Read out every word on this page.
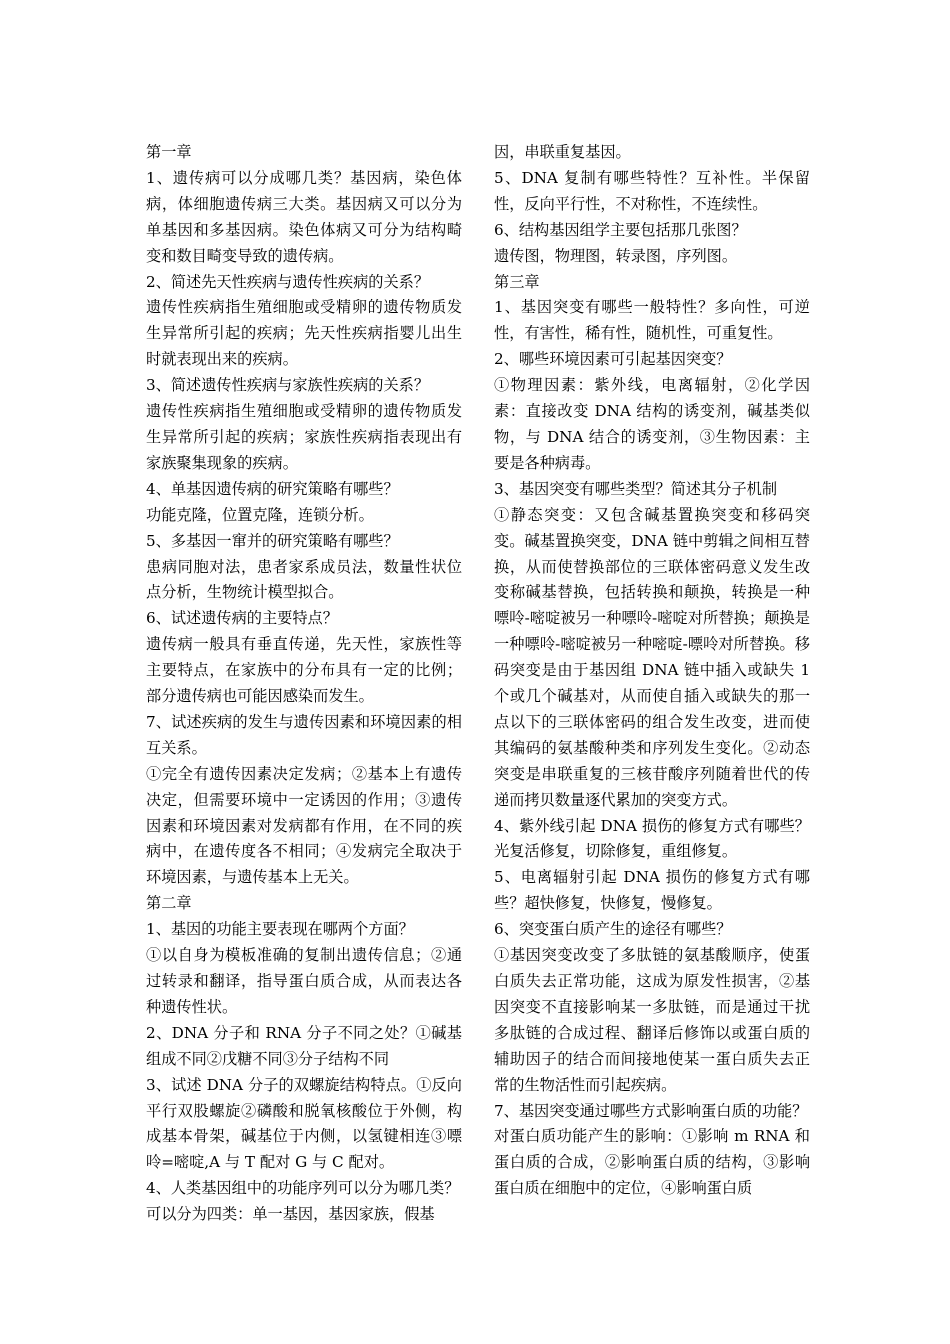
第一章
1、遗传病可以分成哪几类？基因病，染色体病，体细胞遗传病三大类。基因病又可以分为单基因和多基因病。染色体病又可分为结构畸变和数目畸变导致的遗传病。
2、简述先天性疾病与遗传性疾病的关系？
遗传性疾病指生殖细胞或受精卵的遗传物质发生异常所引起的疾病；先天性疾病指婴儿出生时就表现出来的疾病。
3、简述遗传性疾病与家族性疾病的关系？
遗传性疾病指生殖细胞或受精卵的遗传物质发生异常所引起的疾病；家族性疾病指表现出有家族聚集现象的疾病。
4、单基因遗传病的研究策略有哪些？
功能克隆，位置克隆，连锁分析。
5、多基因一窜并的研究策略有哪些？
患病同胞对法，患者家系成员法，数量性状位点分析，生物统计模型拟合。
6、试述遗传病的主要特点？
遗传病一般具有垂直传递，先天性，家族性等主要特点，在家族中的分布具有一定的比例；部分遗传病也可能因感染而发生。
7、试述疾病的发生与遗传因素和环境因素的相互关系。
①完全有遗传因素决定发病；②基本上有遗传决定，但需要环境中一定诱因的作用；③遗传因素和环境因素对发病都有作用，在不同的疾病中，在遗传度各不相同；④发病完全取决于环境因素，与遗传基本上无关。
第二章
1、基因的功能主要表现在哪两个方面？
①以自身为模板准确的复制出遗传信息；②通过转录和翻译，指导蛋白质合成，从而表达各种遗传性状。
2、DNA 分子和 RNA 分子不同之处？①碱基组成不同②戊糖不同③分子结构不同
3、试述 DNA 分子的双螺旋结构特点。①反向平行双股螺旋②磷酸和脱氧核酸位于外侧，构成基本骨架，碱基位于内侧，以氢键相连③嘌呤=嘧啶,A 与 T 配对 G 与 C 配对。
4、人类基因组中的功能序列可以分为哪几类？
可以分为四类：单一基因，基因家族，假基
因，串联重复基因。
5、DNA 复制有哪些特性？互补性。半保留性，反向平行性，不对称性，不连续性。
6、结构基因组学主要包括那几张图？
遗传图，物理图，转录图，序列图。
第三章
1、基因突变有哪些一般特性？多向性，可逆性，有害性，稀有性，随机性，可重复性。
2、哪些环境因素可引起基因突变？
①物理因素：紫外线，电离辐射，②化学因素：直接改变 DNA 结构的诱变剂，碱基类似物，与 DNA 结合的诱变剂，③生物因素：主要是各种病毒。
3、基因突变有哪些类型？简述其分子机制
①静态突变：又包含碱基置换突变和移码突变。碱基置换突变，DNA 链中剪辑之间相互替换，从而使替换部位的三联体密码意义发生改变称碱基替换，包括转换和颠换，转换是一种嘌呤-嘧啶被另一种嘌呤-嘧啶对所替换；颠换是一种嘌呤-嘧啶被另一种嘧啶-嘌呤对所替换。移码突变是由于基因组 DNA 链中插入或缺失 1 个或几个碱基对，从而使自插入或缺失的那一点以下的三联体密码的组合发生改变，进而使其编码的氨基酸种类和序列发生变化。②动态突变是串联重复的三核苷酸序列随着世代的传递而拷贝数量逐代累加的突变方式。
4、紫外线引起 DNA 损伤的修复方式有哪些？光复活修复，切除修复，重组修复。
5、电离辐射引起 DNA 损伤的修复方式有哪些？超快修复，快修复，慢修复。
6、突变蛋白质产生的途径有哪些？
①基因突变改变了多肽链的氨基酸顺序，使蛋白质失去正常功能，这成为原发性损害，②基因突变不直接影响某一多肽链，而是通过干扰多肽链的合成过程、翻译后修饰以或蛋白质的辅助因子的结合而间接地使某一蛋白质失去正常的生物活性而引起疾病。
7、基因突变通过哪些方式影响蛋白质的功能？
对蛋白质功能产生的影响：①影响 m RNA 和蛋白质的合成，②影响蛋白质的结构，③影响蛋白质在细胞中的定位，④影响蛋白质
